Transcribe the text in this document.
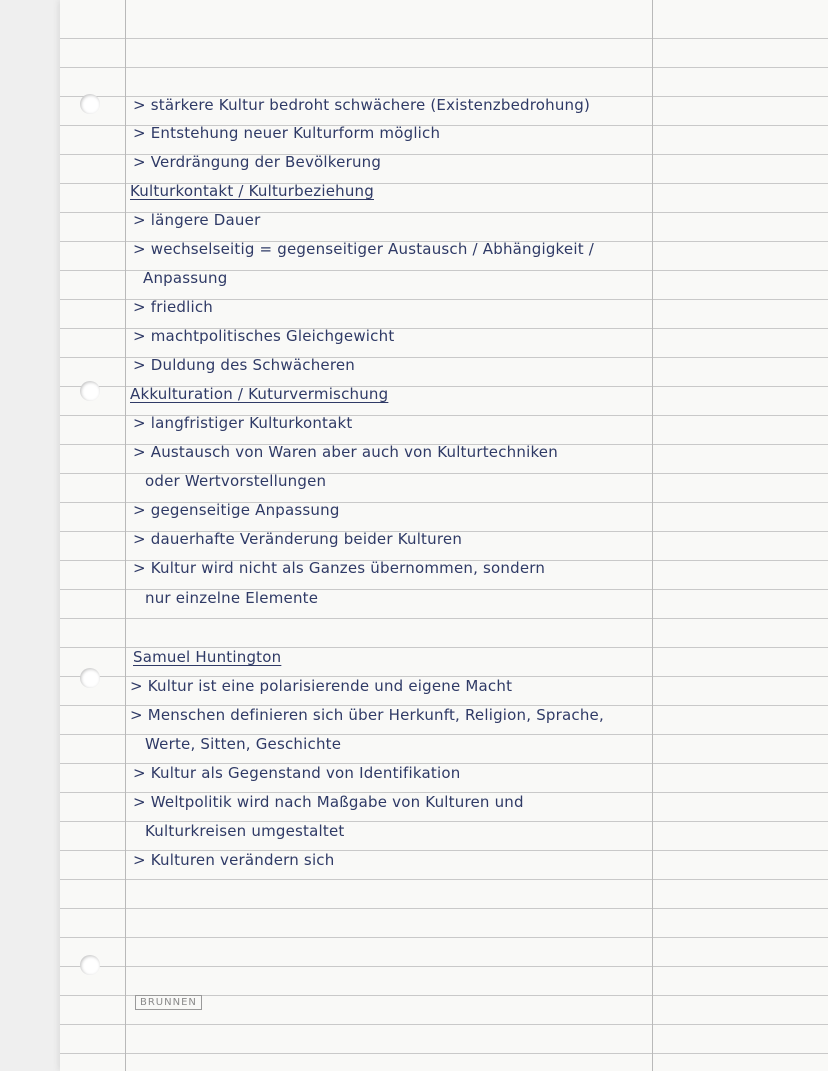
> stärkere Kultur bedroht schwächere (Existenzbedrohung)
> Entstehung neuer Kulturform möglich
> Verdrängung der Bevölkerung
Kulturkontakt / Kulturbeziehung
> längere Dauer
> wechselseitig = gegenseitiger Austausch / Abhängigkeit /
Anpassung
> friedlich
> machtpolitisches Gleichgewicht
> Duldung des Schwächeren
Akkulturation / Kuturvermischung
> langfristiger Kulturkontakt
> Austausch von Waren aber auch von Kulturtechniken
oder Wertvorstellungen
> gegenseitige Anpassung
> dauerhafte Veränderung beider Kulturen
> Kultur wird nicht als Ganzes übernommen, sondern
nur einzelne Elemente
Samuel Huntington
> Kultur ist eine polarisierende und eigene Macht
> Menschen definieren sich über Herkunft, Religion, Sprache,
Werte, Sitten, Geschichte
> Kultur als Gegenstand von Identifikation
> Weltpolitik wird nach Maßgabe von Kulturen und
Kulturkreisen umgestaltet
> Kulturen verändern sich
BRUNNEN
